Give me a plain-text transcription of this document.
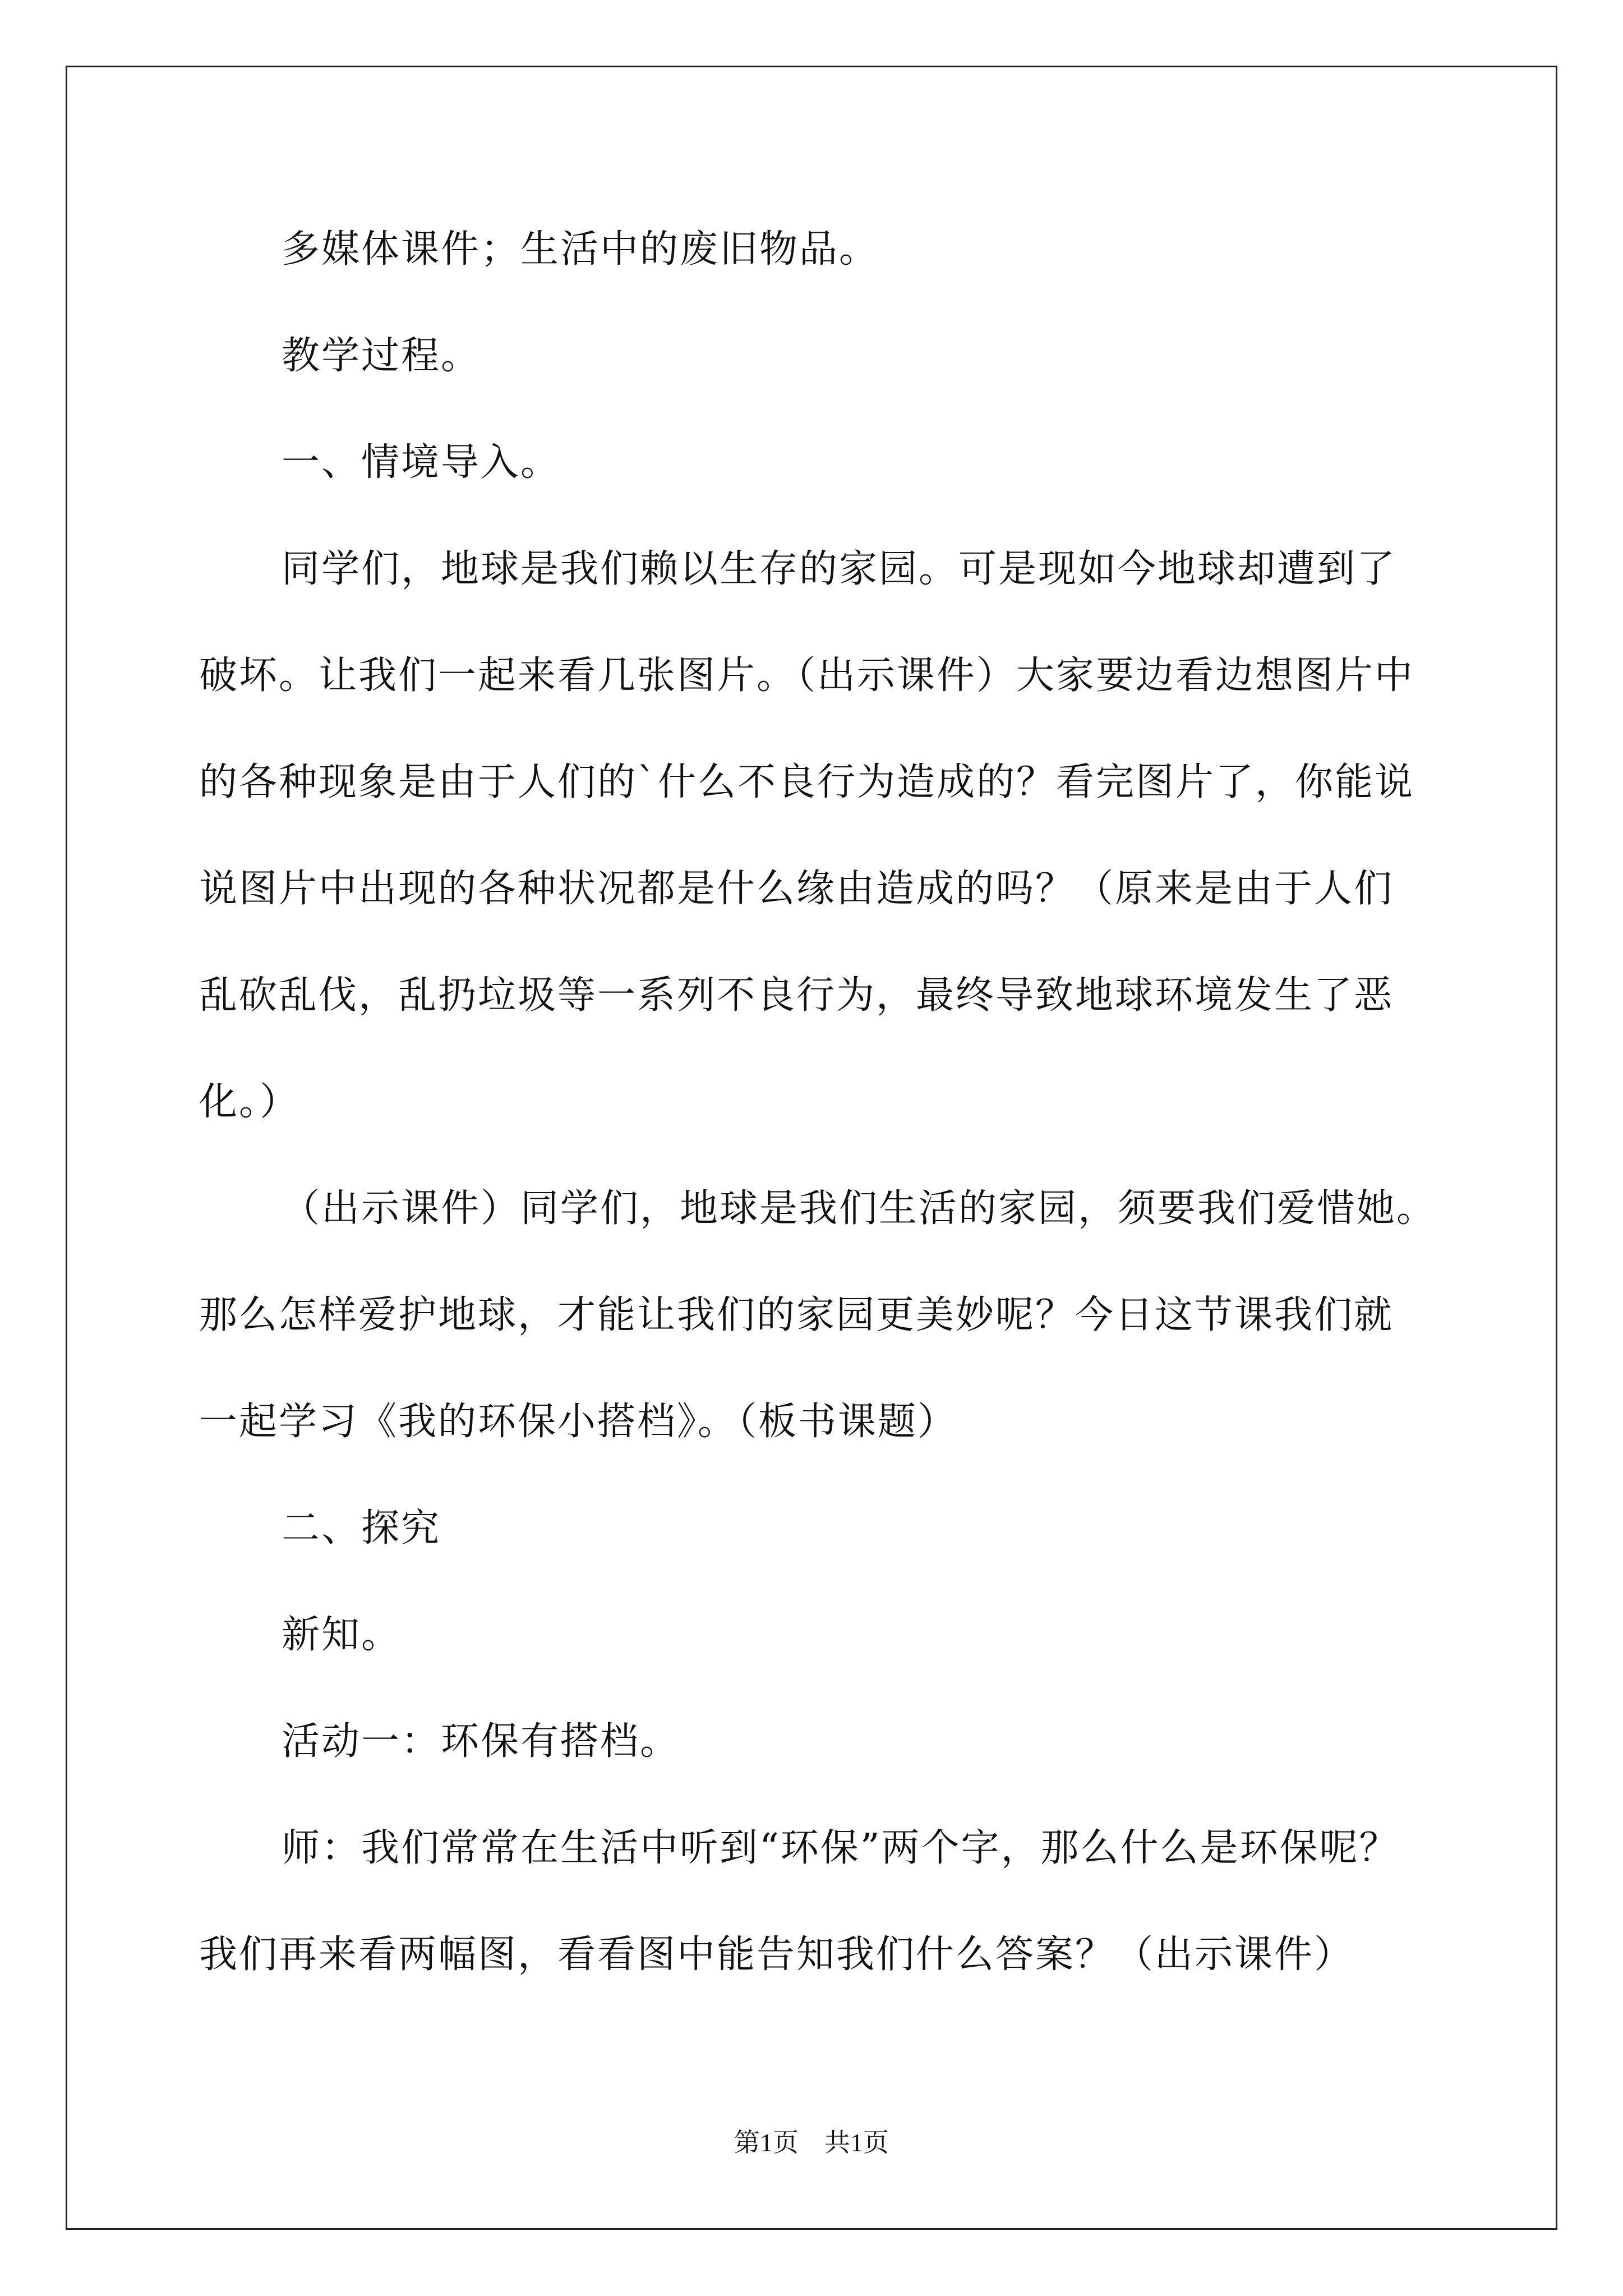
多媒体课件；生活中的废旧物品。
教学过程。
一、情境导入。
同学们，地球是我们赖以生存的家园。可是现如今地球却遭到了
破坏。让我们一起来看几张图片。（出示课件）大家要边看边想图片中
的各种现象是由于人们的`什么不良行为造成的？看完图片了，你能说
说图片中出现的各种状况都是什么缘由造成的吗？（原来是由于人们
乱砍乱伐，乱扔垃圾等一系列不良行为，最终导致地球环境发生了恶
化。）
（出示课件）同学们，地球是我们生活的家园，须要我们爱惜她。
那么怎样爱护地球，才能让我们的家园更美妙呢？今日这节课我们就
一起学习《我的环保小搭档》。（板书课题）
二、探究
新知。
活动一：环保有搭档。
师：我们常常在生活中听到“环保”两个字，那么什么是环保呢？
我们再来看两幅图，看看图中能告知我们什么答案？（出示课件）
第1页　共1页
